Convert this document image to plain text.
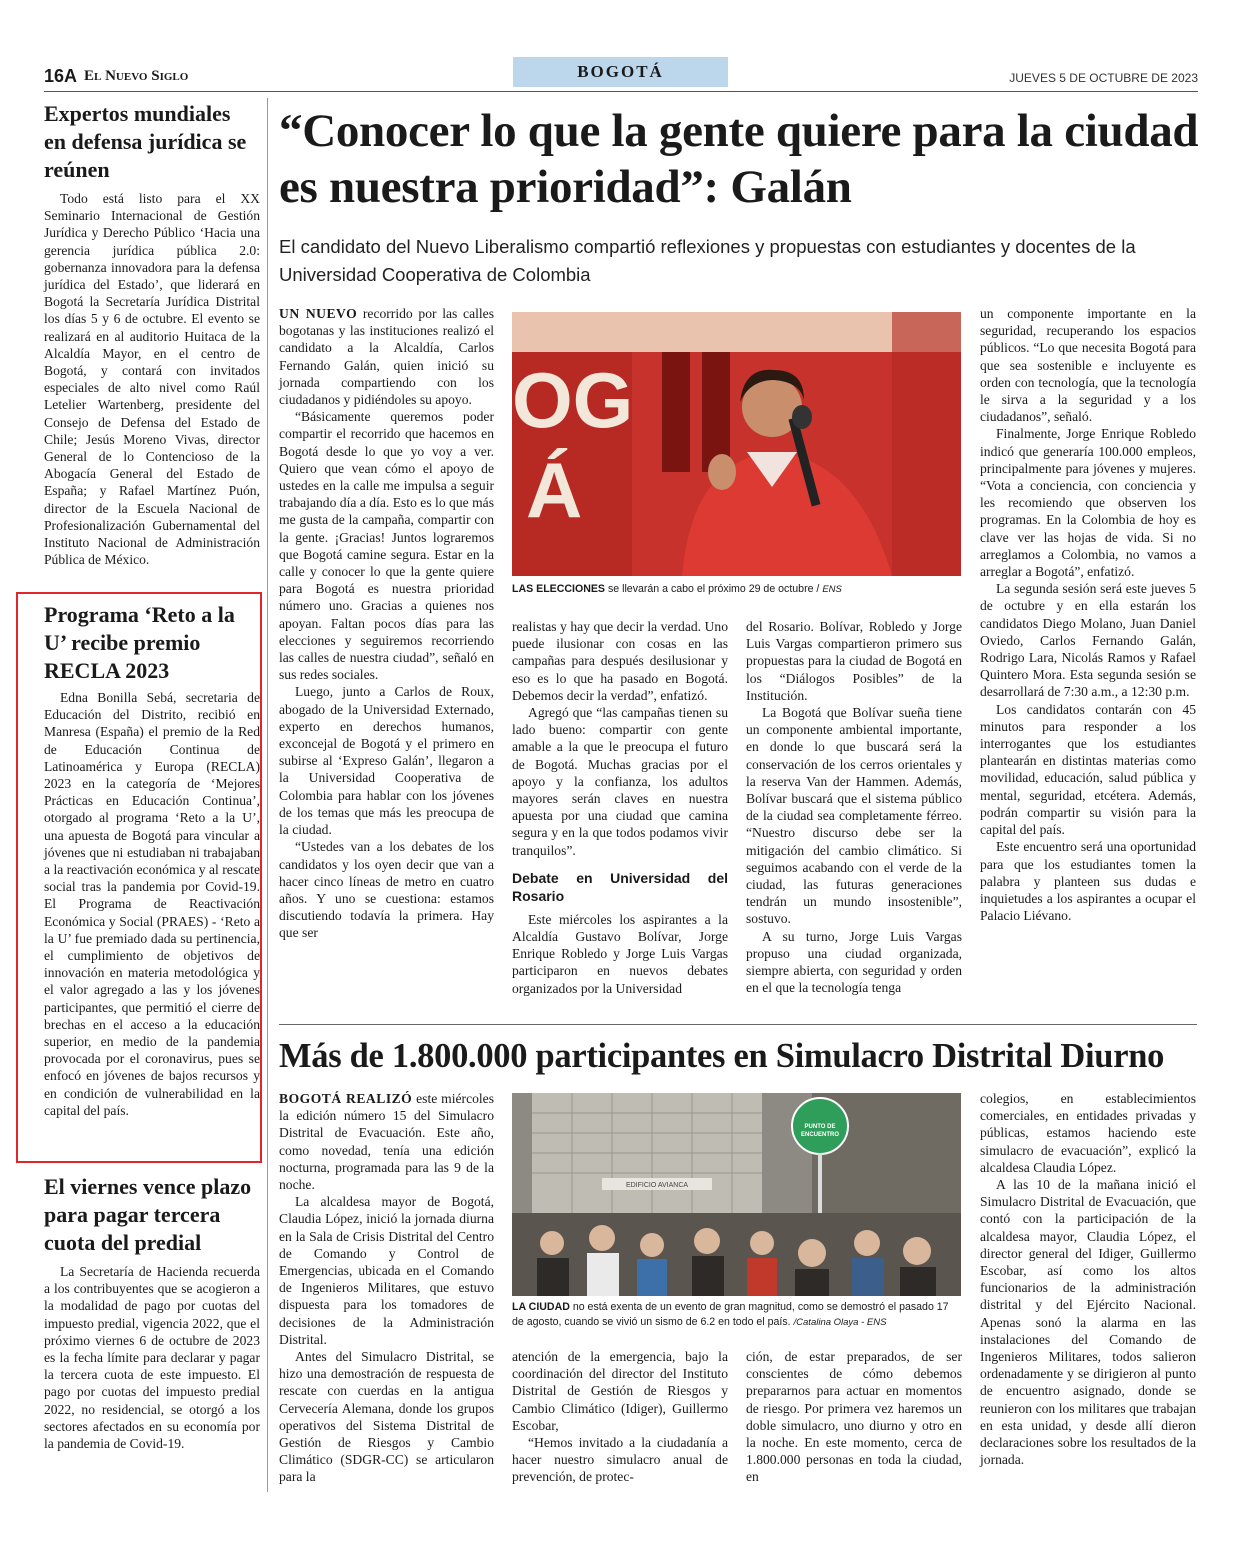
16A El Nuevo Siglo	BOGOTÁ	JUEVES 5 DE OCTUBRE DE 2023
Expertos mundiales en defensa jurídica se reúnen

Todo está listo para el XX Seminario Internacional de Gestión Jurídica y Derecho Público ‘Hacia una gerencia jurídica pública 2.0: gobernanza innovadora para la defensa jurídica del Estado’, que liderará en Bogotá la Secretaría Jurídica Distrital los días 5 y 6 de octubre. El evento se realizará en al auditorio Huitaca de la Alcaldía Mayor, en el centro de Bogotá, y contará con invitados especiales de alto nivel como Raúl Letelier Wartenberg, presidente del Consejo de Defensa del Estado de Chile; Jesús Moreno Vivas, director General de lo Contencioso de la Abogacía General del Estado de España; y Rafael Martínez Puón, director de la Escuela Nacional de Profesionalización Gubernamental del Instituto Nacional de Administración Pública de México.

Programa ‘Reto a la U’ recibe premio RECLA 2023

Edna Bonilla Sebá, secretaria de Educación del Distrito, recibió en Manresa (España) el premio de la Red de Educación Continua de Latinoamérica y Europa (RECLA) 2023 en la categoría de ‘Mejores Prácticas en Educación Continua’, otorgado al programa ‘Reto a la U’, una apuesta de Bogotá para vincular a jóvenes que ni estudiaban ni trabajaban a la reactivación económica y al rescate social tras la pandemia por Covid-19. El Programa de Reactivación Económica y Social (PRAES) - ‘Reto a la U’ fue premiado dada su pertinencia, el cumplimiento de objetivos de innovación en materia metodológica y el valor agregado a las y los jóvenes participantes, que permitió el cierre de brechas en el acceso a la educación superior, en medio de la pandemia provocada por el coronavirus, pues se enfocó en jóvenes de bajos recursos y en condición de vulnerabilidad en la capital del país.

El viernes vence plazo para pagar tercera cuota del predial

La Secretaría de Hacienda recuerda a los contribuyentes que se acogieron a la modalidad de pago por cuotas del impuesto predial, vigencia 2022, que el próximo viernes 6 de octubre de 2023 es la fecha límite para declarar y pagar la tercera cuota de este impuesto. El pago por cuotas del impuesto predial 2022, no residencial, se otorgó a los sectores afectados en su economía por la pandemia de Covid-19.

“Conocer lo que la gente quiere para la ciudad es nuestra prioridad”: Galán
El candidato del Nuevo Liberalismo compartió reflexiones y propuestas con estudiantes y docentes de la Universidad Cooperativa de Colombia

UN NUEVO recorrido por las calles bogotanas y las instituciones realizó el candidato a la Alcaldía, Carlos Fernando Galán, quien inició su jornada compartiendo con los ciudadanos y pidiéndoles su apoyo.

“Básicamente queremos poder compartir el recorrido que hacemos en Bogotá desde lo que yo voy a ver. Quiero que vean cómo el apoyo de ustedes en la calle me impulsa a seguir trabajando día a día. Esto es lo que más me gusta de la campaña, compartir con la gente. ¡Gracias! Juntos lograremos que Bogotá camine segura. Estar en la calle y conocer lo que la gente quiere para Bogotá es nuestra prioridad número uno. Gracias a quienes nos apoyan. Faltan pocos días para las elecciones y seguiremos recorriendo las calles de nuestra ciudad”, señaló en sus redes sociales.

Luego, junto a Carlos de Roux, abogado de la Universidad Externado, experto en derechos humanos, exconcejal de Bogotá y el primero en subirse al ‘Expreso Galán’, llegaron a la Universidad Cooperativa de Colombia para hablar con los jóvenes de los temas que más les preocupa de la ciudad.

“Ustedes van a los debates de los candidatos y los oyen decir que van a hacer cinco líneas de metro en cuatro años. Y uno se cuestiona: estamos discutiendo todavía la primera. Hay que ser

OG
Á
LAS ELECCIONES se llevarán a cabo el próximo 29 de octubre / ENS

realistas y hay que decir la verdad. Uno puede ilusionar con cosas en las campañas para después desilusionar y eso es lo que ha pasado en Bogotá. Debemos decir la verdad”, enfatizó.

Agregó que “las campañas tienen su lado bueno: compartir con gente amable a la que le preocupa el futuro de Bogotá. Muchas gracias por el apoyo y la confianza, los adultos mayores serán claves en nuestra apuesta por una ciudad que camina segura y en la que todos podamos vivir tranquilos”.

Debate en Universidad del Rosario

Este miércoles los aspirantes a la Alcaldía Gustavo Bolívar, Jorge Enrique Robledo y Jorge Luis Vargas participaron en nuevos debates organizados por la Universidad

del Rosario. Bolívar, Robledo y Jorge Luis Vargas compartieron primero sus propuestas para la ciudad de Bogotá en los “Diálogos Posibles” de la Institución.

La Bogotá que Bolívar sueña tiene un componente ambiental importante, en donde lo que buscará será la conservación de los cerros orientales y la reserva Van der Hammen. Además, Bolívar buscará que el sistema público de la ciudad sea completamente férreo. “Nuestro discurso debe ser la mitigación del cambio climático. Si seguimos acabando con el verde de la ciudad, las futuras generaciones tendrán un mundo insostenible”, sostuvo.

A su turno, Jorge Luis Vargas propuso una ciudad organizada, siempre abierta, con seguridad y orden en el que la tecnología tenga

un componente importante en la seguridad, recuperando los espacios públicos. “Lo que necesita Bogotá para que sea sostenible e incluyente es orden con tecnología, que la tecnología le sirva a la seguridad y a los ciudadanos”, señaló.

Finalmente, Jorge Enrique Robledo indicó que generaría 100.000 empleos, principalmente para jóvenes y mujeres. “Vota a conciencia, con conciencia y les recomiendo que observen los programas. En la Colombia de hoy es clave ver las hojas de vida. Si no arreglamos a Colombia, no vamos a arreglar a Bogotá”, enfatizó.

La segunda sesión será este jueves 5 de octubre y en ella estarán los candidatos Diego Molano, Juan Daniel Oviedo, Carlos Fernando Galán, Rodrigo Lara, Nicolás Ramos y Rafael Quintero Mora. Esta segunda sesión se desarrollará de 7:30 a.m., a 12:30 p.m.

Los candidatos contarán con 45 minutos para responder a los interrogantes que los estudiantes plantearán en distintas materias como movilidad, educación, salud pública y mental, seguridad, etcétera. Además, podrán compartir su visión para la capital del país.

Este encuentro será una oportunidad para que los estudiantes tomen la palabra y planteen sus dudas e inquietudes a los aspirantes a ocupar el Palacio Liévano.

Más de 1.800.000 participantes en Simulacro Distrital Diurno

BOGOTÁ REALIZÓ este miércoles la edición número 15 del Simulacro Distrital de Evacuación. Este año, como novedad, tenía una edición nocturna, programada para las 9 de la noche.

La alcaldesa mayor de Bogotá, Claudia López, inició la jornada diurna en la Sala de Crisis Distrital del Centro de Comando y Control de Emergencias, ubicada en el Comando de Ingenieros Militares, que estuvo dispuesta para los tomadores de decisiones de la Administración Distrital.

Antes del Simulacro Distrital, se hizo una demostración de respuesta de rescate con cuerdas en la antigua Cervecería Alemana, donde los grupos operativos del Sistema Distrital de Gestión de Riesgos y Cambio Climático (SDGR-CC) se articularon para la

EDIFICIO AVIANCA
PUNTO DE
ENCUENTRO
LA CIUDAD no está exenta de un evento de gran magnitud, como se demostró el pasado 17 de agosto, cuando se vivió un sismo de 6.2 en todo el país. /Catalina Olaya - ENS

atención de la emergencia, bajo la coordinación del director del Instituto Distrital de Gestión de Riesgos y Cambio Climático (Idiger), Guillermo Escobar,

“Hemos invitado a la ciudadanía a hacer nuestro simulacro anual de prevención, de protec-

ción, de estar preparados, de ser conscientes de cómo debemos prepararnos para actuar en momentos de riesgo. Por primera vez haremos un doble simulacro, uno diurno y otro en la noche. En este momento, cerca de 1.800.000 personas en toda la ciudad, en

colegios, en establecimientos comerciales, en entidades privadas y públicas, estamos haciendo este simulacro de evacuación”, explicó la alcaldesa Claudia López.

A las 10 de la mañana inició el Simulacro Distrital de Evacuación, que contó con la participación de la alcaldesa mayor, Claudia López, el director general del Idiger, Guillermo Escobar, así como los altos funcionarios de la administración distrital y del Ejército Nacional. Apenas sonó la alarma en las instalaciones del Comando de Ingenieros Militares, todos salieron ordenadamente y se dirigieron al punto de encuentro asignado, donde se reunieron con los militares que trabajan en esta unidad, y desde allí dieron declaraciones sobre los resultados de la jornada.
